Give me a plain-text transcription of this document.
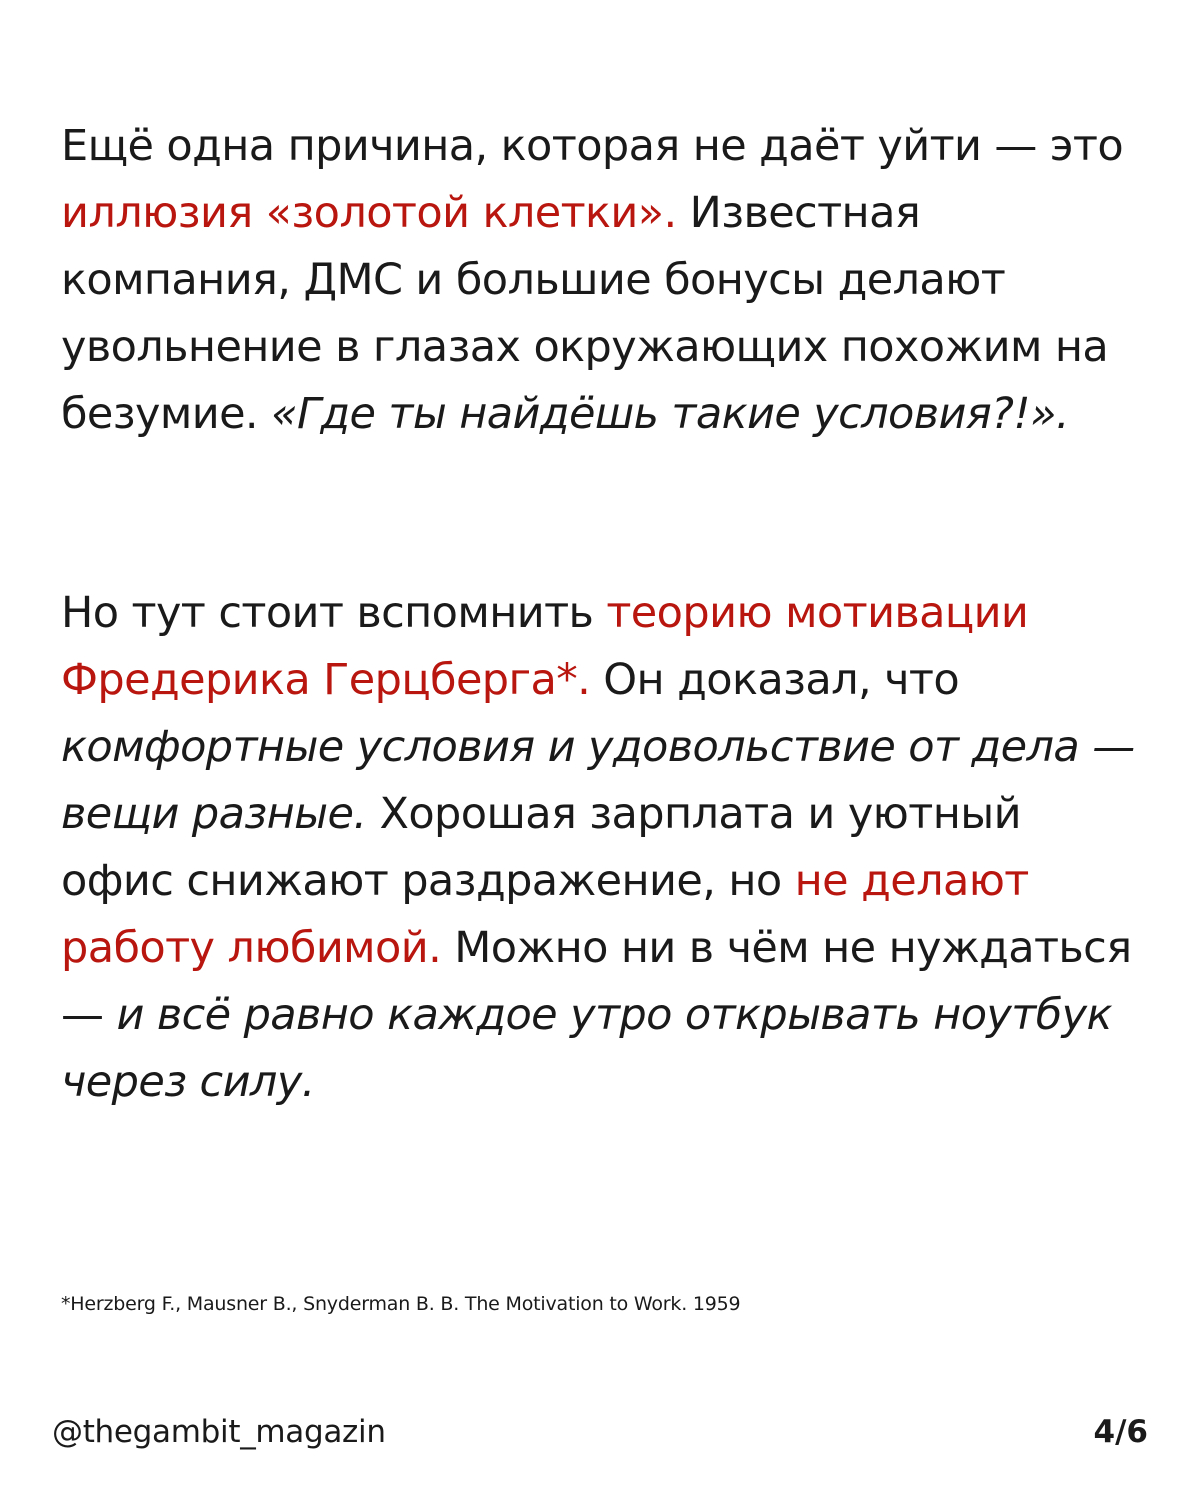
Ещё одна причина, которая не даёт уйти — это иллюзия «золотой клетки». Известная компания, ДМС и большие бонусы делают увольнение в глазах окружающих похожим на безумие. «Где ты найдёшь такие условия?!».
Но тут стоит вспомнить теорию мотивации Фредерика Герцберга*. Он доказал, что комфортные условия и удовольствие от дела — вещи разные. Хорошая зарплата и уютный офис снижают раздражение, но не делают работу любимой. Можно ни в чём не нуждаться — и всё равно каждое утро открывать ноутбук через силу.
*Herzberg F., Mausner B., Snyderman B. B. The Motivation to Work. 1959
@thegambit_magazin	4/6
